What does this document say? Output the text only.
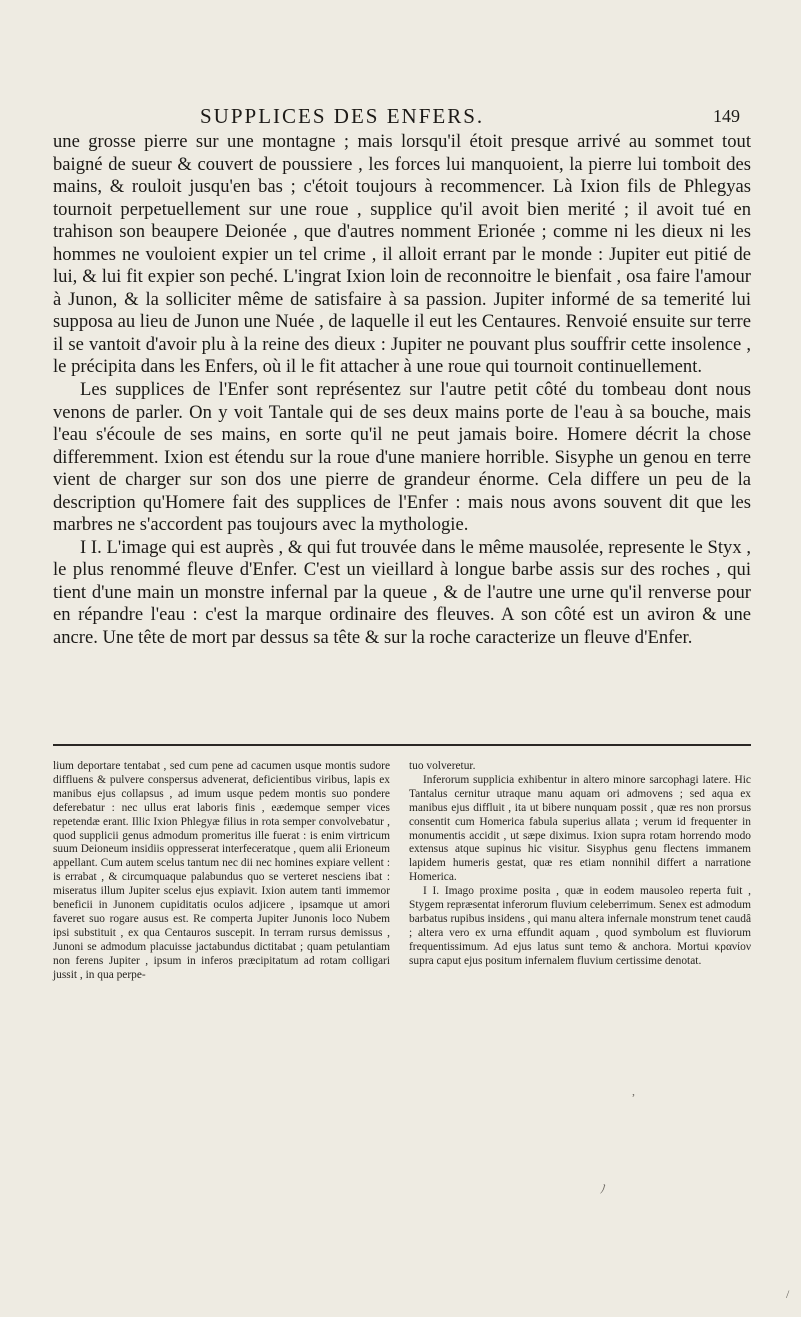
SUPPLICES DES ENFERS.	149

une grosse pierre sur une montagne ; mais lorsqu'il étoit presque arrivé au sommet tout baigné de sueur & couvert de poussiere , les forces lui manquoient, la pierre lui tomboit des mains, & rouloit jusqu'en bas ; c'étoit toujours à recommencer. Là Ixion fils de Phlegyas tournoit perpetuellement sur une roue , supplice qu'il avoit bien merité ; il avoit tué en trahison son beaupere Deionée , que d'autres nomment Erionée ; comme ni les dieux ni les hommes ne vouloient expier un tel crime , il alloit errant par le monde : Jupiter eut pitié de lui, & lui fit expier son peché. L'ingrat Ixion loin de reconnoitre le bienfait , osa faire l'amour à Junon, & la solliciter même de satisfaire à sa passion. Jupiter informé de sa temerité lui supposa au lieu de Junon une Nuée , de laquelle il eut les Centaures. Renvoié ensuite sur terre il se vantoit d'avoir plu à la reine des dieux : Jupiter ne pouvant plus souffrir cette insolence , le précipita dans les Enfers, où il le fit attacher à une roue qui tournoit continuellement.

Les supplices de l'Enfer sont représentez sur l'autre petit côté du tombeau dont nous venons de parler. On y voit Tantale qui de ses deux mains porte de l'eau à sa bouche, mais l'eau s'écoule de ses mains, en sorte qu'il ne peut jamais boire. Homere décrit la chose differemment. Ixion est étendu sur la roue d'une maniere horrible. Sisyphe un genou en terre vient de charger sur son dos une pierre de grandeur énorme. Cela differe un peu de la description qu'Homere fait des supplices de l'Enfer : mais nous avons souvent dit que les marbres ne s'accordent pas toujours avec la mythologie.

I I. L'image qui est auprès , & qui fut trouvée dans le même mausolée, represente le Styx , le plus renommé fleuve d'Enfer. C'est un vieillard à longue barbe assis sur des roches , qui tient d'une main un monstre infernal par la queue , & de l'autre une urne qu'il renverse pour en répandre l'eau : c'est la marque ordinaire des fleuves. A son côté est un aviron & une ancre. Une tête de mort par dessus sa tête & sur la roche caracterize un fleuve d'Enfer.

lium deportare tentabat , sed cum pene ad cacumen usque montis sudore diffluens & pulvere conspersus advenerat, deficientibus viribus, lapis ex manibus ejus collapsus , ad imum usque pedem montis suo pondere deferebatur : nec ullus erat laboris finis , eædemque semper vices repetendæ erant. Illic Ixion Phlegyæ filius in rota semper convolvebatur , quod supplicii genus admodum promeritus ille fuerat : is enim virtricum suum Deioneum insidiis oppresserat interfeceratque , quem alii Erioneum appellant. Cum autem scelus tantum nec dii nec homines expiare vellent : is errabat , & circumquaque palabundus quo se verteret nesciens ibat : miseratus illum Jupiter scelus ejus expiavit. Ixion autem tanti immemor beneficii in Junonem cupiditatis oculos adjicere , ipsamque ut amori faveret suo rogare ausus est. Re comperta Jupiter Junonis loco Nubem ipsi substituit , ex qua Centauros suscepit. In terram rursus demissus , Junoni se admodum placuisse jactabundus dictitabat ; quam petulantiam non ferens Jupiter , ipsum in inferos præcipitatum ad rotam colligari jussit , in qua perpe-

tuo volveretur.

Inferorum supplicia exhibentur in altero minore sarcophagi latere. Hic Tantalus cernitur utraque manu aquam ori admovens ; sed aqua ex manibus ejus diffluit , ita ut bibere nunquam possit , quæ res non prorsus consentit cum Homerica fabula superius allata ; verum id frequenter in monumentis accidit , ut sæpe diximus. Ixion supra rotam horrendo modo extensus atque supinus hic visitur. Sisyphus genu flectens immanem lapidem humeris gestat, quæ res etiam nonnihil differt a narratione Homerica.

I I. Imago proxime posita , quæ in eodem mausoleo reperta fuit , Stygem repræsentat inferorum fluvium celeberrimum. Senex est admodum barbatus rupibus insidens , qui manu altera infernale monstrum tenet caudâ ; altera vero ex urna effundit aquam , quod symbolum est fluviorum frequentissimum. Ad ejus latus sunt temo & anchora. Mortui κρανίον supra caput ejus positum infernalem fluvium certissime denotat.

,
ﾉ
/
